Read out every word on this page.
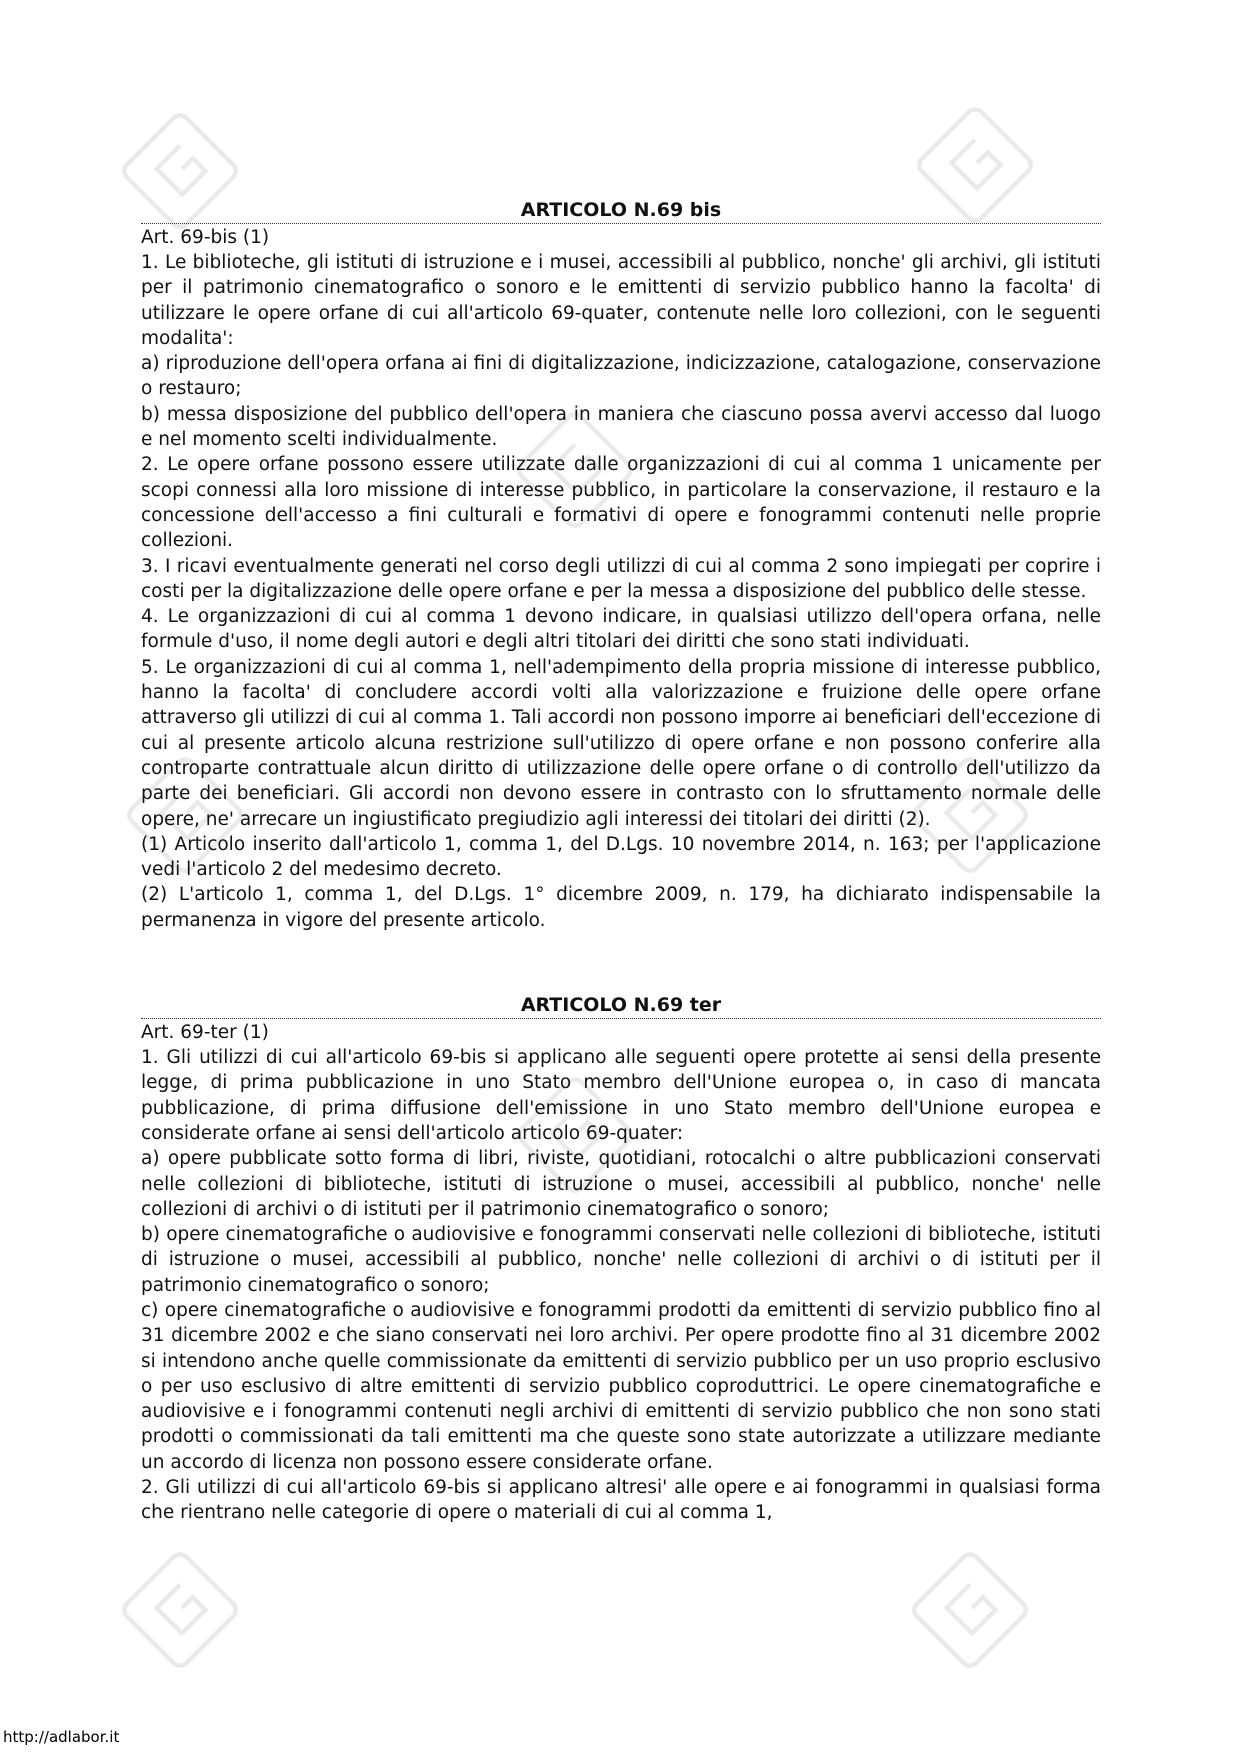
ARTICOLO N.69 bis

Art. 69-bis (1)

1. Le biblioteche, gli istituti di istruzione e i musei, accessibili al pubblico, nonche' gli archivi, gli istituti per il patrimonio cinematografico o sonoro e le emittenti di servizio pubblico hanno la facolta' di utilizzare le opere orfane di cui all'articolo 69-quater, contenute nelle loro collezioni, con le seguenti modalita':

a) riproduzione dell'opera orfana ai fini di digitalizzazione, indicizzazione, catalogazione, conservazione o restauro;

b) messa disposizione del pubblico dell'opera in maniera che ciascuno possa avervi accesso dal luogo e nel momento scelti individualmente.

2. Le opere orfane possono essere utilizzate dalle organizzazioni di cui al comma 1 unicamente per scopi connessi alla loro missione di interesse pubblico, in particolare la conservazione, il restauro e la concessione dell'accesso a fini culturali e formativi di opere e fonogrammi contenuti nelle proprie collezioni.

3. I ricavi eventualmente generati nel corso degli utilizzi di cui al comma 2 sono impiegati per coprire i costi per la digitalizzazione delle opere orfane e per la messa a disposizione del pubblico delle stesse.

4. Le organizzazioni di cui al comma 1 devono indicare, in qualsiasi utilizzo dell'opera orfana, nelle formule d'uso, il nome degli autori e degli altri titolari dei diritti che sono stati individuati.

5. Le organizzazioni di cui al comma 1, nell'adempimento della propria missione di interesse pubblico, hanno la facolta' di concludere accordi volti alla valorizzazione e fruizione delle opere orfane attraverso gli utilizzi di cui al comma 1. Tali accordi non possono imporre ai beneficiari dell'eccezione di cui al presente articolo alcuna restrizione sull'utilizzo di opere orfane e non possono conferire alla controparte contrattuale alcun diritto di utilizzazione delle opere orfane o di controllo dell'utilizzo da parte dei beneficiari. Gli accordi non devono essere in contrasto con lo sfruttamento normale delle opere, ne' arrecare un ingiustificato pregiudizio agli interessi dei titolari dei diritti (2).

(1) Articolo inserito dall'articolo 1, comma 1, del D.Lgs. 10 novembre 2014, n. 163; per l'applicazione vedi l'articolo 2 del medesimo decreto.

(2) L'articolo 1, comma 1, del D.Lgs. 1° dicembre 2009, n. 179, ha dichiarato indispensabile la permanenza in vigore del presente articolo.

ARTICOLO N.69 ter

Art. 69-ter (1)

1. Gli utilizzi di cui all'articolo 69-bis si applicano alle seguenti opere protette ai sensi della presente legge, di prima pubblicazione in uno Stato membro dell'Unione europea o, in caso di mancata pubblicazione, di prima diffusione dell'emissione in uno Stato membro dell'Unione europea e considerate orfane ai sensi dell'articolo articolo 69-quater:

a) opere pubblicate sotto forma di libri, riviste, quotidiani, rotocalchi o altre pubblicazioni conservati nelle collezioni di biblioteche, istituti di istruzione o musei, accessibili al pubblico, nonche' nelle collezioni di archivi o di istituti per il patrimonio cinematografico o sonoro;

b) opere cinematografiche o audiovisive e fonogrammi conservati nelle collezioni di biblioteche, istituti di istruzione o musei, accessibili al pubblico, nonche' nelle collezioni di archivi o di istituti per il patrimonio cinematografico o sonoro;

c) opere cinematografiche o audiovisive e fonogrammi prodotti da emittenti di servizio pubblico fino al 31 dicembre 2002 e che siano conservati nei loro archivi. Per opere prodotte fino al 31 dicembre 2002 si intendono anche quelle commissionate da emittenti di servizio pubblico per un uso proprio esclusivo o per uso esclusivo di altre emittenti di servizio pubblico coproduttrici. Le opere cinematografiche e audiovisive e i fonogrammi contenuti negli archivi di emittenti di servizio pubblico che non sono stati prodotti o commissionati da tali emittenti ma che queste sono state autorizzate a utilizzare mediante un accordo di licenza non possono essere considerate orfane.

2. Gli utilizzi di cui all'articolo 69-bis si applicano altresi' alle opere e ai fonogrammi in qualsiasi forma che rientrano nelle categorie di opere o materiali di cui al comma 1,

http://adlabor.it
